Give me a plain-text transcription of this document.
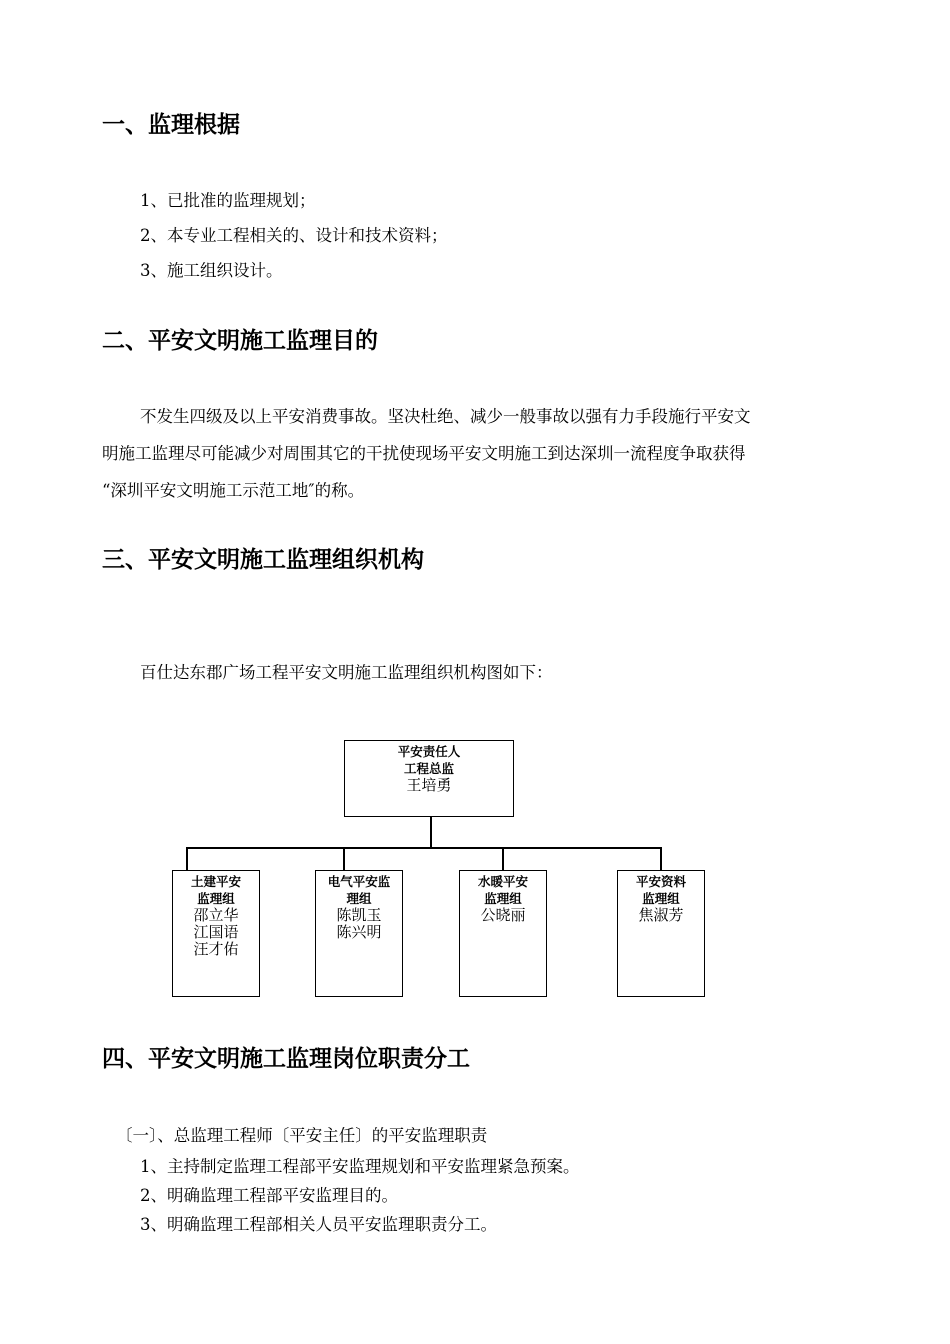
一、监理根据

1、已批准的监理规划；

2、本专业工程相关的、设计和技术资料；

3、施工组织设计。

二、平安文明施工监理目的
不发生四级及以上平安消费事故。坚决杜绝、减少一般事故以强有力手段施行平安文
明施工监理尽可能减少对周围其它的干扰使现场平安文明施工到达深圳一流程度争取获得
“深圳平安文明施工示范工地″的称。
三、平安文明施工监理组织机构

百仕达东郡广场工程平安文明施工监理组织机构图如下：

平安责任人
工程总监
王培勇
土建平安
监理组
邵立华
江国语
汪才佑
电气平安监
理组
陈凯玉
陈兴明
水暖平安
监理组
公晓丽
平安资料
监理组
焦淑芳
四、平安文明施工监理岗位职责分工

〔一〕、总监理工程师〔平安主任〕的平安监理职责

1、主持制定监理工程部平安监理规划和平安监理紧急预案。

2、明确监理工程部平安监理目的。

3、明确监理工程部相关人员平安监理职责分工。
